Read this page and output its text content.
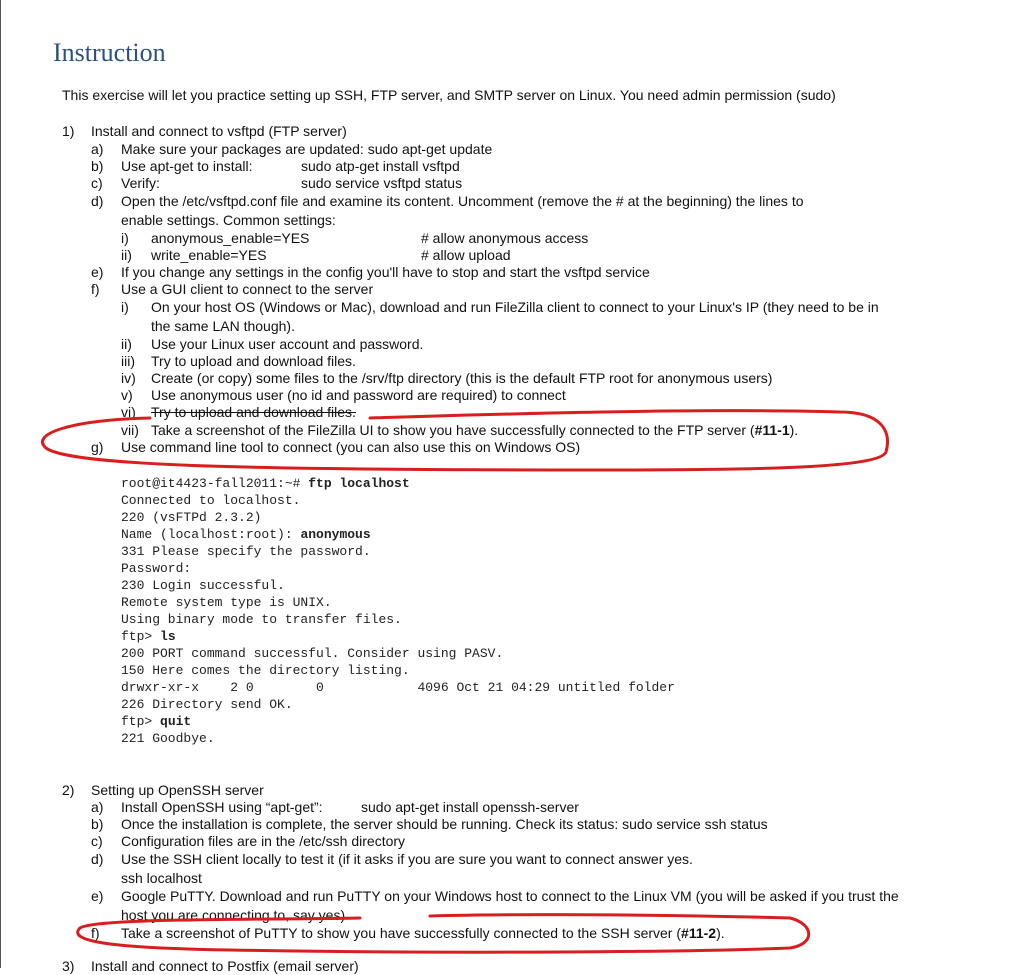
Instruction
This exercise will let you practice setting up SSH, FTP server, and SMTP server on Linux. You need admin permission (sudo)
1) Install and connect to vsftpd (FTP server)
a) Make sure your packages are updated: sudo apt-get update
b) Use apt-get to install:	sudo atp-get install vsftpd
c) Verify:	sudo service vsftpd status
d) Open the /etc/vsftpd.conf file and examine its content. Uncomment (remove the # at the beginning) the lines to
enable settings. Common settings:
i) anonymous_enable=YES	# allow anonymous access
ii) write_enable=YES	# allow upload
e) If you change any settings in the config you'll have to stop and start the vsftpd service
f) Use a GUI client to connect to the server
i) On your host OS (Windows or Mac), download and run FileZilla client to connect to your Linux's IP (they need to be in
the same LAN though).
ii) Use your Linux user account and password.
iii) Try to upload and download files.
iv) Create (or copy) some files to the /srv/ftp directory (this is the default FTP root for anonymous users)
v) Use anonymous user (no id and password are required) to connect
vi) Try to upload and download files.
vii) Take a screenshot of the FileZilla UI to show you have successfully connected to the FTP server (#11-1).
g) Use command line tool to connect (you can also use this on Windows OS)
root@it4423-fall2011:~# ftp localhost
Connected to localhost.
220 (vsFTPd 2.3.2)
Name (localhost:root): anonymous
331 Please specify the password.
Password:
230 Login successful.
Remote system type is UNIX.
Using binary mode to transfer files.
ftp> ls
200 PORT command successful. Consider using PASV.
150 Here comes the directory listing.
drwxr-xr-x    2 0        0            4096 Oct 21 04:29 untitled folder
226 Directory send OK.
ftp> quit
221 Goodbye.
2) Setting up OpenSSH server
a) Install OpenSSH using “apt-get”:	sudo apt-get install openssh-server
b) Once the installation is complete, the server should be running. Check its status: sudo service ssh status
c) Configuration files are in the /etc/ssh directory
d) Use the SSH client locally to test it (if it asks if you are sure you want to connect answer yes.
ssh localhost
e) Google PuTTY. Download and run PuTTY on your Windows host to connect to the Linux VM (you will be asked if you trust the
host you are connecting to, say yes)
f) Take a screenshot of PuTTY to show you have successfully connected to the SSH server (#11-2).
3) Install and connect to Postfix (email server)
